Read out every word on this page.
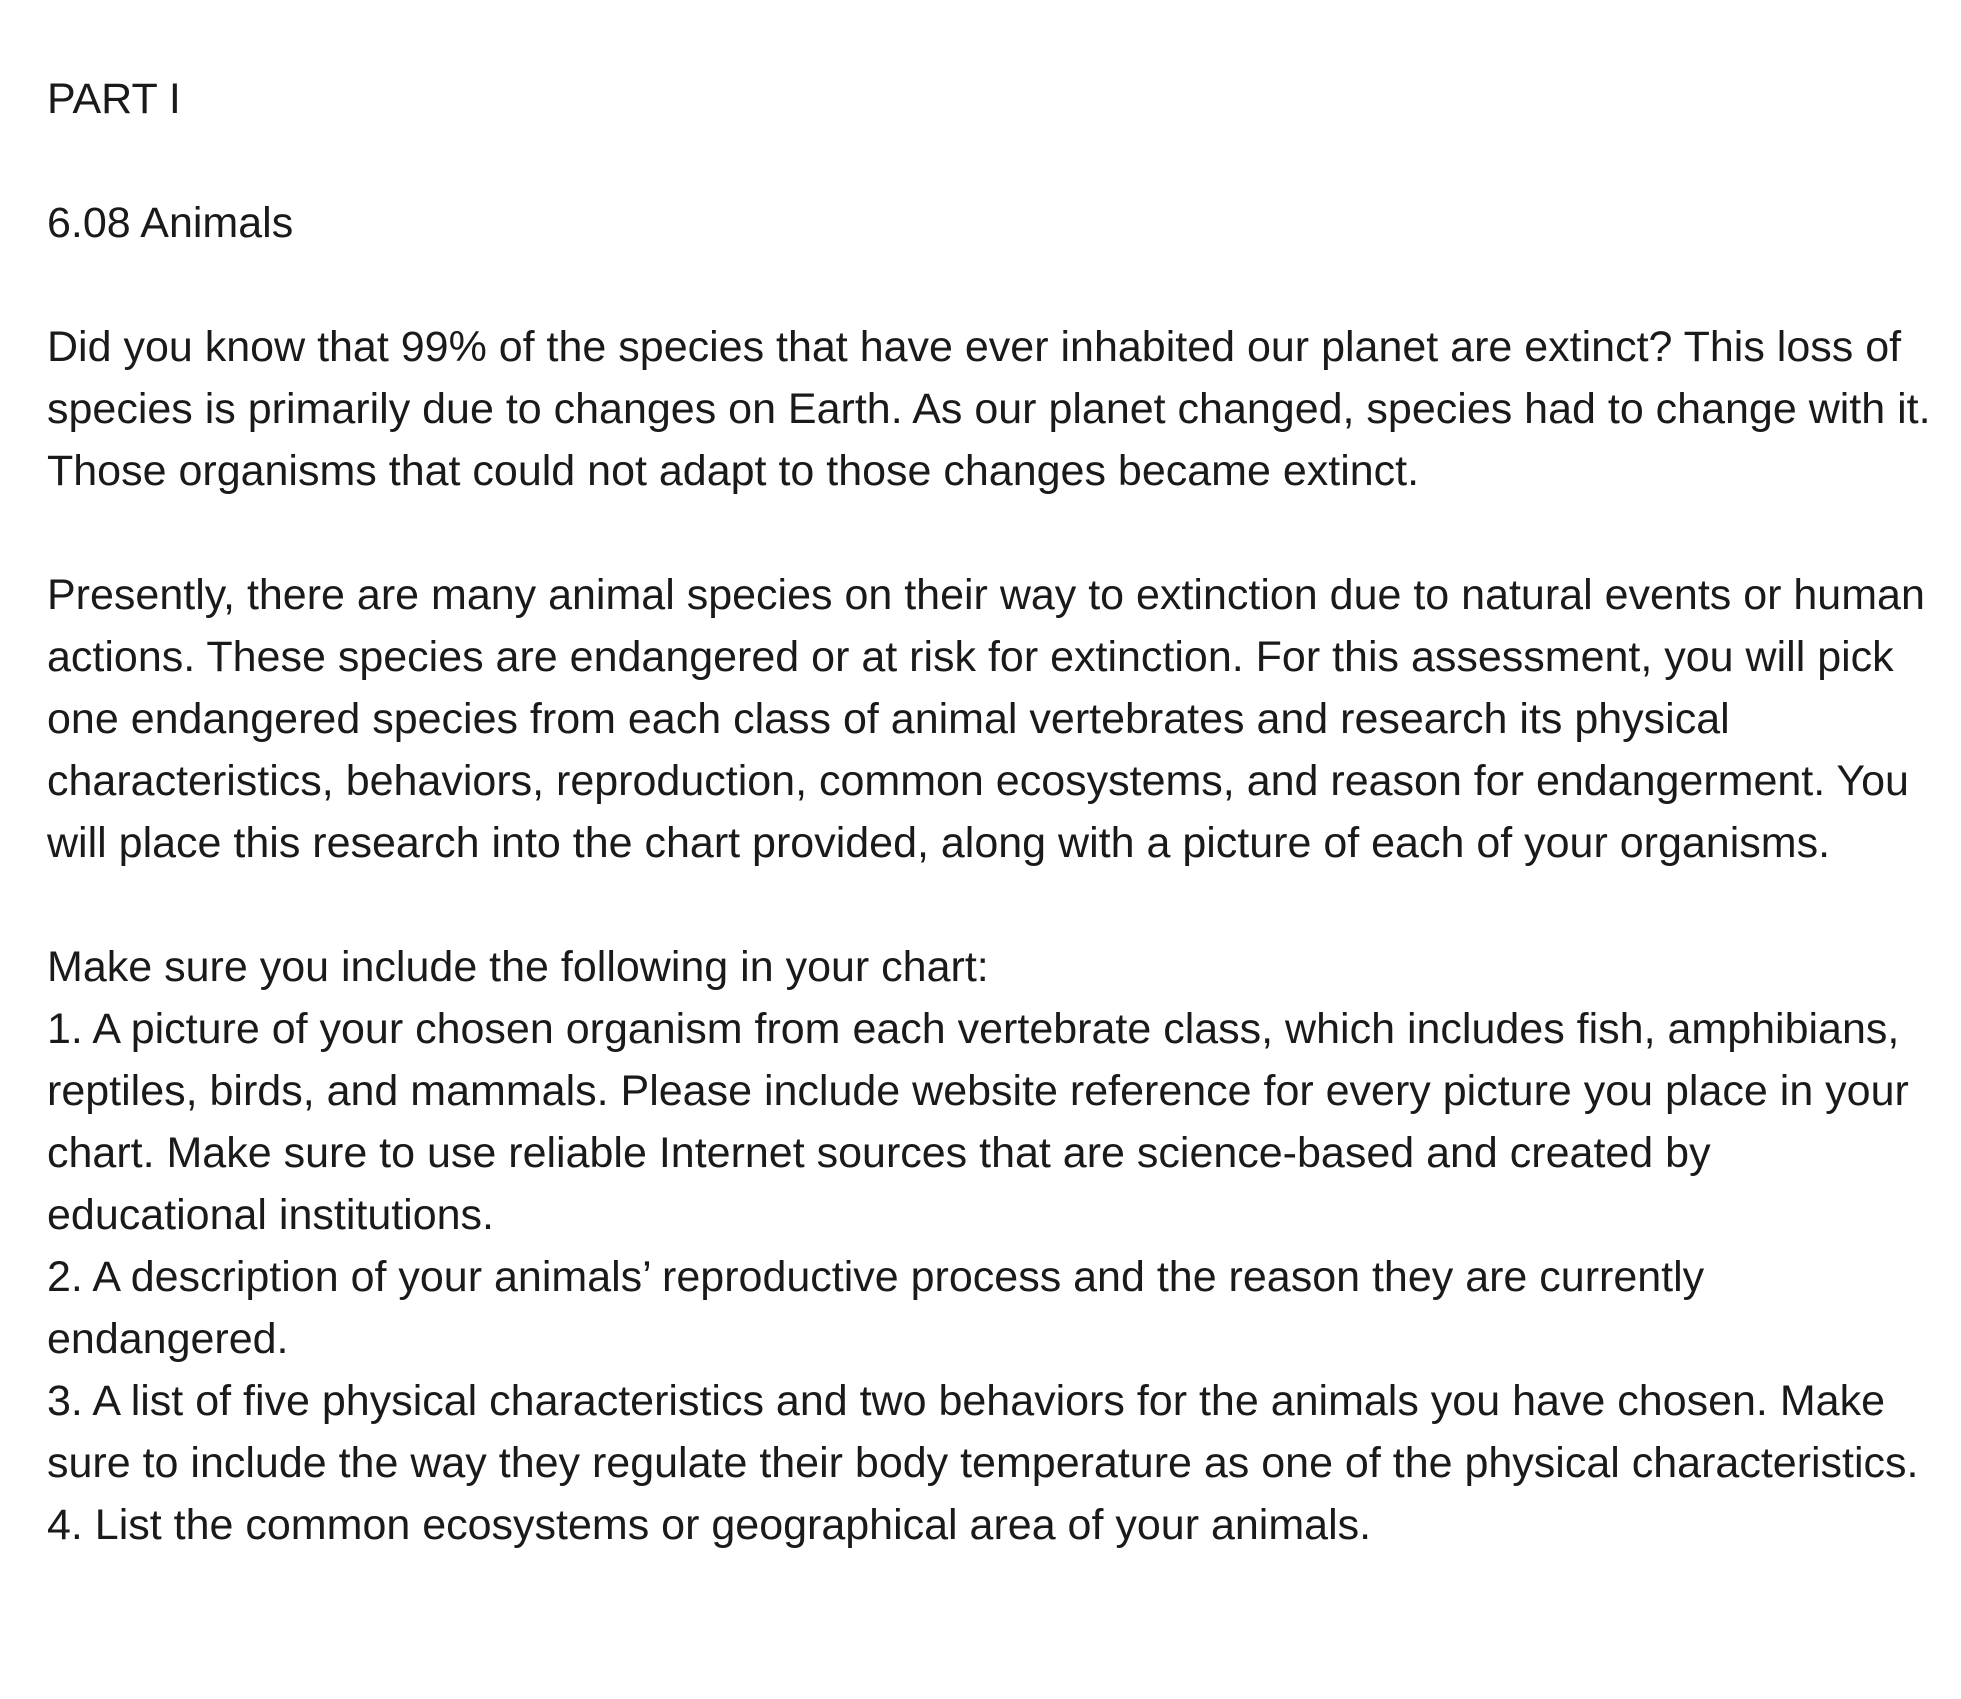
PART I

6.08 Animals

Did you know that 99% of the species that have ever inhabited our planet are extinct? This loss of species is primarily due to changes on Earth. As our planet changed, species had to change with it. Those organisms that could not adapt to those changes became extinct.

Presently, there are many animal species on their way to extinction due to natural events or human actions. These species are endangered or at risk for extinction. For this assessment, you will pick one endangered species from each class of animal vertebrates and research its physical characteristics, behaviors, reproduction, common ecosystems, and reason for endangerment. You will place this research into the chart provided, along with a picture of each of your organisms.

Make sure you include the following in your chart:

1. A picture of your chosen organism from each vertebrate class, which includes fish, amphibians, reptiles, birds, and mammals. Please include website reference for every picture you place in your chart. Make sure to use reliable Internet sources that are science-based and created by educational institutions.
2. A description of your animals’ reproductive process and the reason they are currently endangered.
3. A list of five physical characteristics and two behaviors for the animals you have chosen. Make sure to include the way they regulate their body temperature as one of the physical characteristics.
4. List the common ecosystems or geographical area of your animals.
